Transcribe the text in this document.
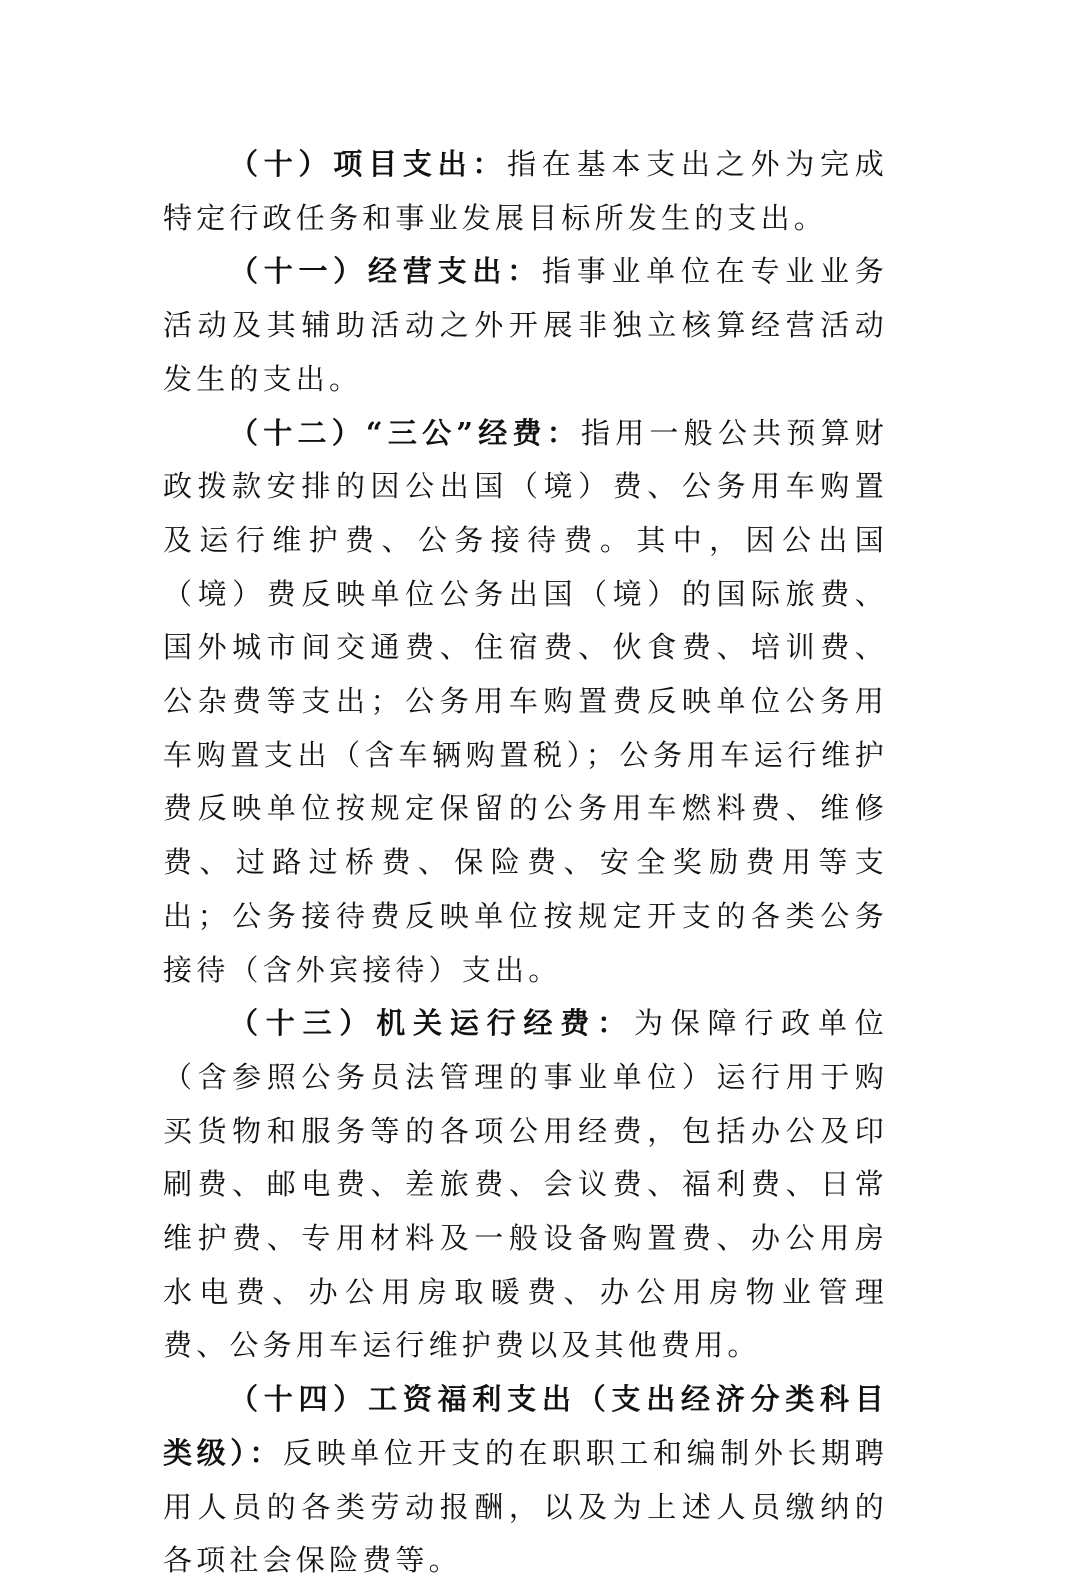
（十）项目支出：指在基本支出之外为完成特定行政任务和事业发展目标所发生的支出。

（十一）经营支出：指事业单位在专业业务活动及其辅助活动之外开展非独立核算经营活动发生的支出。

（十二）“三公”经费：指用一般公共预算财政拨款安排的因公出国（境）费、公务用车购置及运行维护费、公务接待费。其中，因公出国（境）费反映单位公务出国（境）的国际旅费、国外城市间交通费、住宿费、伙食费、培训费、公杂费等支出；公务用车购置费反映单位公务用车购置支出（含车辆购置税）；公务用车运行维护费反映单位按规定保留的公务用车燃料费、维修费、过路过桥费、保险费、安全奖励费用等支出；公务接待费反映单位按规定开支的各类公务接待（含外宾接待）支出。

（十三）机关运行经费：为保障行政单位（含参照公务员法管理的事业单位）运行用于购买货物和服务等的各项公用经费，包括办公及印刷费、邮电费、差旅费、会议费、福利费、日常维护费、专用材料及一般设备购置费、办公用房水电费、办公用房取暖费、办公用房物业管理费、公务用车运行维护费以及其他费用。

（十四）工资福利支出（支出经济分类科目类级）：反映单位开支的在职职工和编制外长期聘用人员的各类劳动报酬，以及为上述人员缴纳的各项社会保险费等。
